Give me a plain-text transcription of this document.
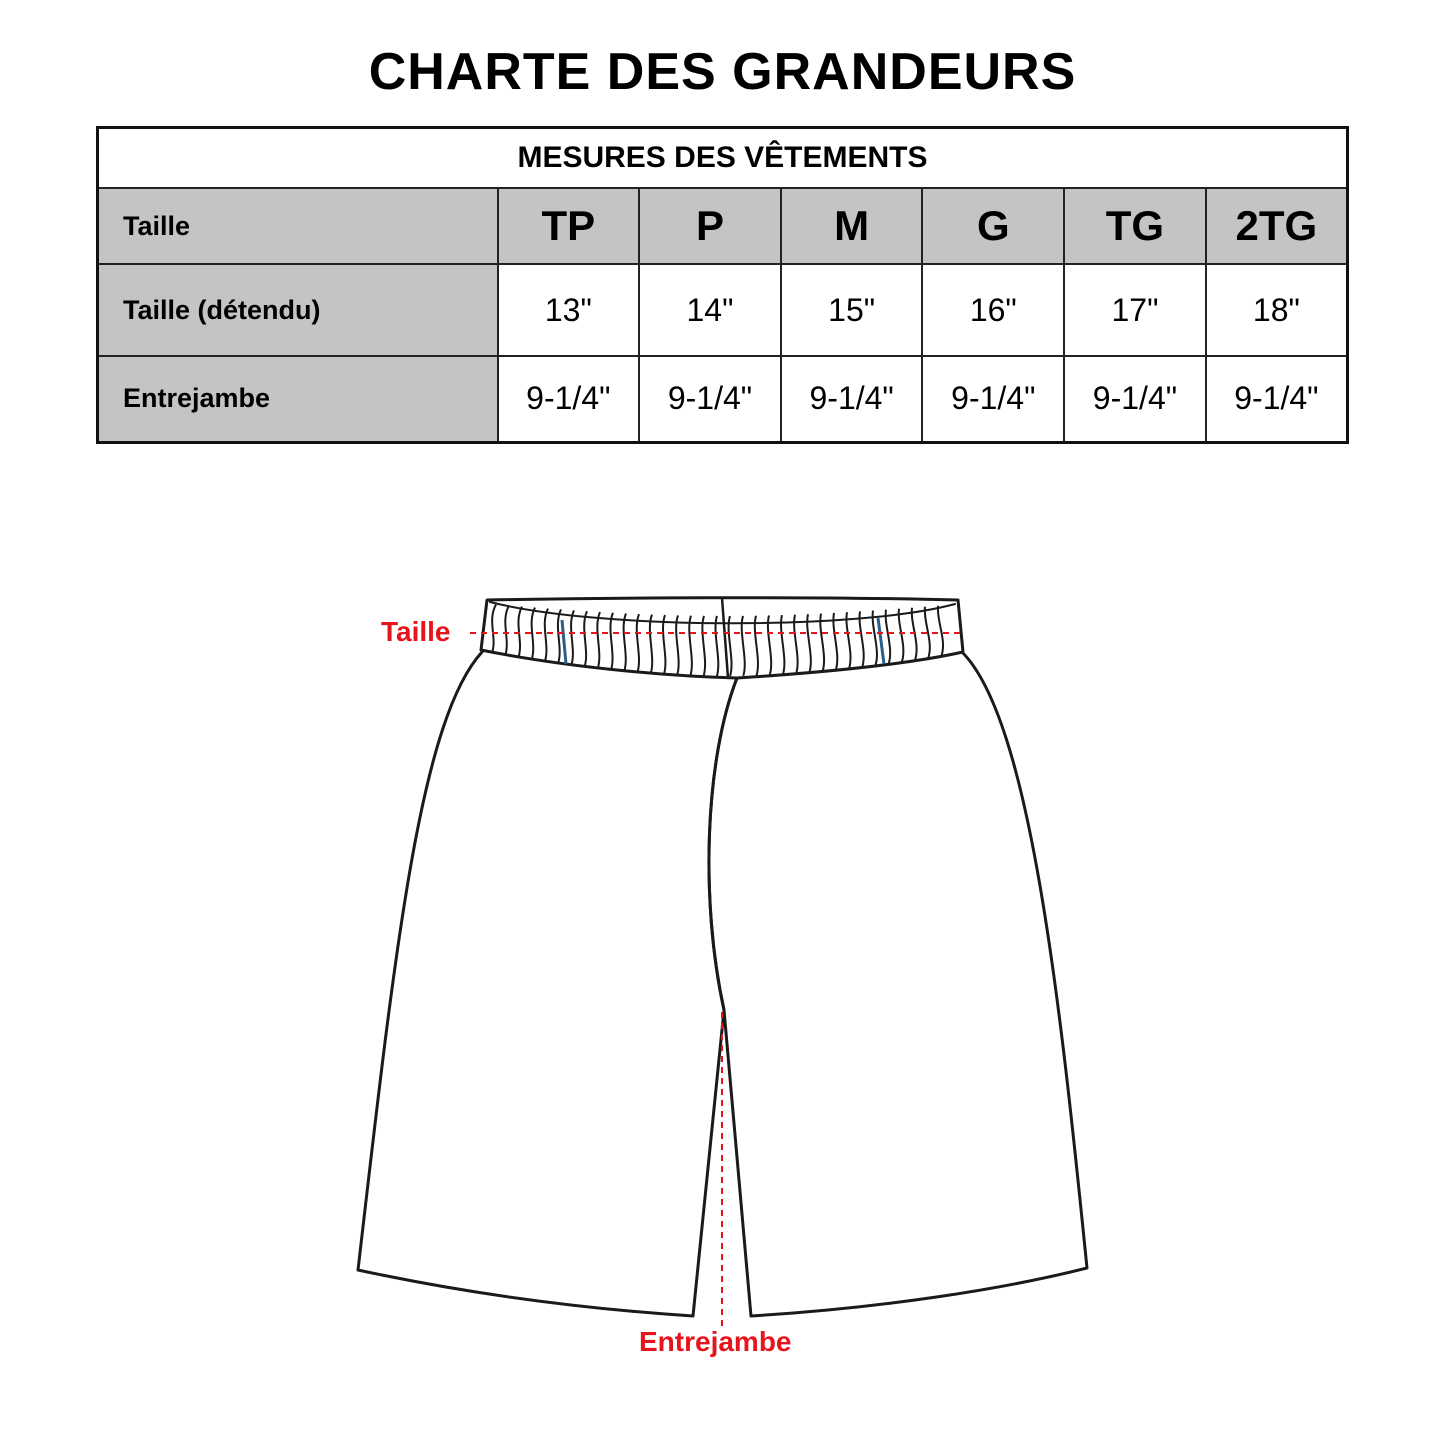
CHARTE DES GRANDEURS
MESURES DES VÊTEMENTS						
Taille	TP	P	M	G	TG	2TG
Taille (détendu)	13"	14"	15"	16"	17"	18"
Entrejambe	9-1/4"	9-1/4"	9-1/4"	9-1/4"	9-1/4"	9-1/4"
Taille
Entrejambe
